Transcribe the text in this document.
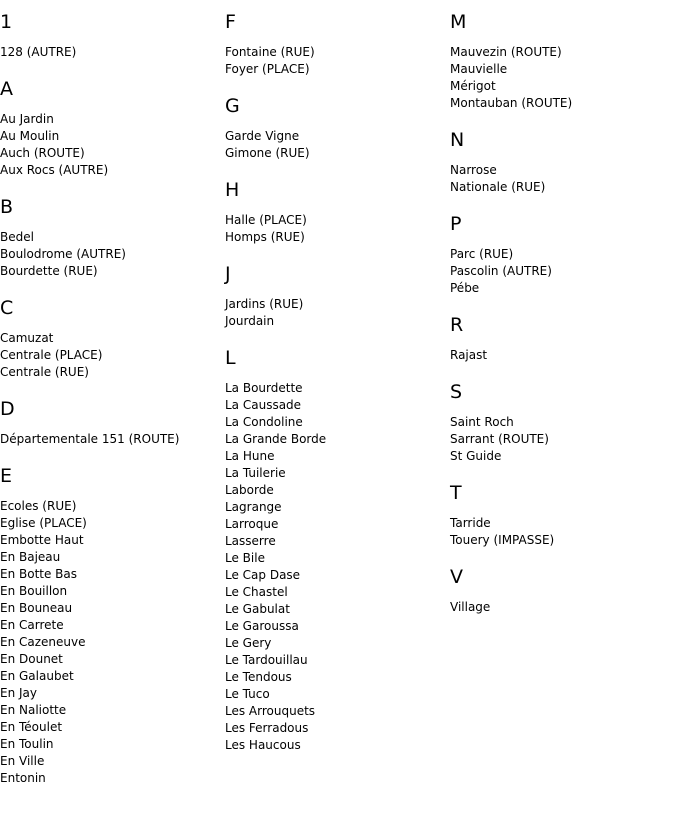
1
128 (AUTRE)
A
Au Jardin
Au Moulin
Auch (ROUTE)
Aux Rocs (AUTRE)
B
Bedel
Boulodrome (AUTRE)
Bourdette (RUE)
C
Camuzat
Centrale (PLACE)
Centrale (RUE)
D
Départementale 151 (ROUTE)
E
Ecoles (RUE)
Eglise (PLACE)
Embotte Haut
En Bajeau
En Botte Bas
En Bouillon
En Bouneau
En Carrete
En Cazeneuve
En Dounet
En Galaubet
En Jay
En Naliotte
En Téoulet
En Toulin
En Ville
Entonin
F
Fontaine (RUE)
Foyer (PLACE)
G
Garde Vigne
Gimone (RUE)
H
Halle (PLACE)
Homps (RUE)
J
Jardins (RUE)
Jourdain
L
La Bourdette
La Caussade
La Condoline
La Grande Borde
La Hune
La Tuilerie
Laborde
Lagrange
Larroque
Lasserre
Le Bile
Le Cap Dase
Le Chastel
Le Gabulat
Le Garoussa
Le Gery
Le Tardouillau
Le Tendous
Le Tuco
Les Arrouquets
Les Ferradous
Les Haucous
M
Mauvezin (ROUTE)
Mauvielle
Mérigot
Montauban (ROUTE)
N
Narrose
Nationale (RUE)
P
Parc (RUE)
Pascolin (AUTRE)
Pébe
R
Rajast
S
Saint Roch
Sarrant (ROUTE)
St Guide
T
Tarride
Touery (IMPASSE)
V
Village
